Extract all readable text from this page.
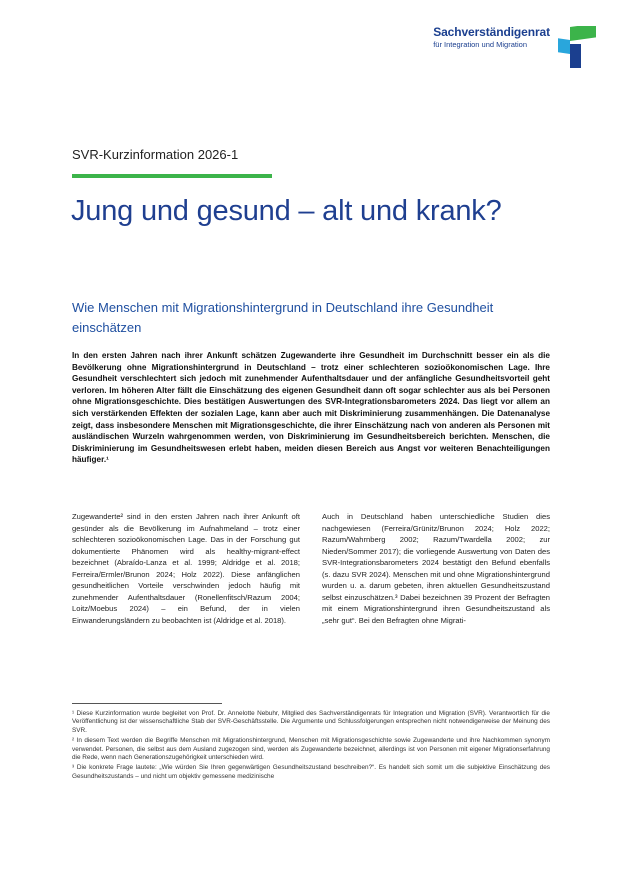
Sachverständigenrat
für Integration und Migration
SVR-Kurzinformation 2026-1
Jung und gesund – alt und krank?

Wie Menschen mit Migrationshintergrund in Deutschland ihre Gesundheit einschätzen

In den ersten Jahren nach ihrer Ankunft schätzen Zugewanderte ihre Gesundheit im Durchschnitt besser ein als die Bevölkerung ohne Migrationshintergrund in Deutschland – trotz einer schlechteren sozioökonomischen Lage. Ihre Gesundheit verschlechtert sich jedoch mit zunehmender Aufenthaltsdauer und der anfängliche Gesundheitsvorteil geht verloren. Im höheren Alter fällt die Einschätzung des eigenen Gesundheit dann oft sogar schlechter aus als bei Personen ohne Migrationsgeschichte. Dies bestätigen Auswertungen des SVR-Integrationsbarometers 2024. Das liegt vor allem an sich verstärkenden Effekten der sozialen Lage, kann aber auch mit Diskriminierung zusammenhängen. Die Datenanalyse zeigt, dass insbesondere Menschen mit Migrationsgeschichte, die ihrer Einschätzung nach von anderen als Personen mit ausländischen Wurzeln wahrgenommen werden, von Diskriminierung im Gesundheitsbereich berichten. Menschen, die Diskriminierung im Gesundheitswesen erlebt haben, meiden diesen Bereich aus Angst vor weiteren Benachteiligungen häufiger.¹

Zugewanderte² sind in den ersten Jahren nach ihrer Ankunft oft gesünder als die Bevölkerung im Aufnahmeland – trotz einer schlechteren sozioökonomischen Lage. Das in der Forschung gut dokumentierte Phänomen wird als healthy-migrant-effect bezeichnet (Abraído-Lanza et al. 1999; Aldridge et al. 2018; Ferreira/Ermler/Brunon 2024; Holz 2022). Diese anfänglichen gesundheitlichen Vorteile verschwinden jedoch häufig mit zunehmender Aufenthaltsdauer (Ronellenfitsch/Razum 2004; Loitz/Moebus 2024) – ein Befund, der in vielen Einwanderungsländern zu beobachten ist (Aldridge et al. 2018).

Auch in Deutschland haben unterschiedliche Studien dies nachgewiesen (Ferreira/Grünitz/Brunon 2024; Holz 2022; Razum/Wahrnberg 2002; Razum/Twardella 2002; zur Nieden/Sommer 2017); die vorliegende Auswertung von Daten des SVR-Integrationsbarometers 2024 bestätigt den Befund ebenfalls (s. dazu SVR 2024). Menschen mit und ohne Migrationshintergrund wurden u. a. darum gebeten, ihren aktuellen Gesundheitszustand selbst einzuschätzen.³ Dabei bezeichnen 39 Prozent der Befragten mit einem Migrationshintergrund ihren Gesundheitszustand als „sehr gut“. Bei den Befragten ohne Migrati-

¹ Diese Kurzinformation wurde begleitet von Prof. Dr. Annelotte Nebuhr, Mitglied des Sachverständigenrats für Integration und Migration (SVR). Verantwortlich für die Veröffentlichung ist der wissenschaftliche Stab der SVR-Geschäftsstelle. Die Argumente und Schlussfolgerungen entsprechen nicht notwendigerweise der Meinung des SVR.

² In diesem Text werden die Begriffe Menschen mit Migrationshintergrund, Menschen mit Migrationsgeschichte sowie Zugewanderte und ihre Nachkommen synonym verwendet. Personen, die selbst aus dem Ausland zugezogen sind, werden als Zugewanderte bezeichnet, allerdings ist von Personen mit eigener Migrationserfahrung die Rede, wenn nach Generationszugehörigkeit unterschieden wird.

³ Die konkrete Frage lautete: „Wie würden Sie Ihren gegenwärtigen Gesundheitszustand beschreiben?“. Es handelt sich somit um die subjektive Einschätzung des Gesundheitszustands – und nicht um objektiv gemessene medizinische
